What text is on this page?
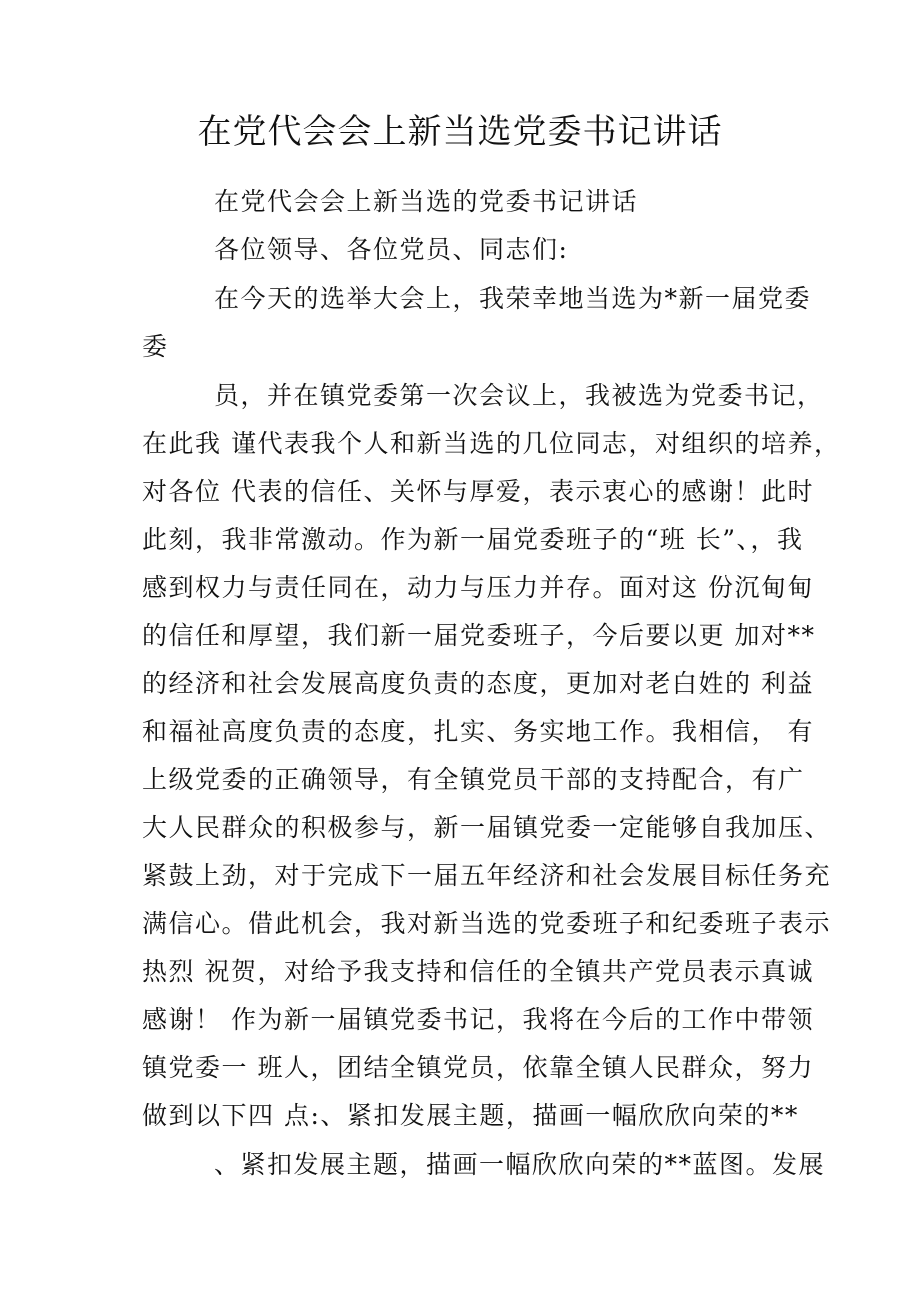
在党代会会上新当选党委书记讲话
在党代会会上新当选的党委书记讲话
各位领导、各位党员、同志们:
在今天的选举大会上，我荣幸地当选为*新一届党委
委
员，并在镇党委第一次会议上，我被选为党委书记，
在此我 谨代表我个人和新当选的几位同志，对组织的培养，
对各位 代表的信任、关怀与厚爱，表示衷心的感谢！此时
此刻，我非常激动。作为新一届党委班子的“班 长”、，我
感到权力与责任同在，动力与压力并存。面对这 份沉甸甸
的信任和厚望，我们新一届党委班子，今后要以更 加对**
的经济和社会发展高度负责的态度，更加对老白姓的 利益
和福祉高度负责的态度，扎实、务实地工作。我相信， 有
上级党委的正确领导，有全镇党员干部的支持配合，有广
大人民群众的积极参与，新一届镇党委一定能够自我加压、
紧鼓上劲，对于完成下一届五年经济和社会发展目标任务充
满信心。借此机会，我对新当选的党委班子和纪委班子表示
热烈 祝贺，对给予我支持和信任的全镇共产党员表示真诚
感谢！ 作为新一届镇党委书记，我将在今后的工作中带领
镇党委一 班人，团结全镇党员，依靠全镇人民群众，努力
做到以下四 点:、紧扣发展主题，描画一幅欣欣向荣的**
、紧扣发展主题，描画一幅欣欣向荣的**蓝图。发展
